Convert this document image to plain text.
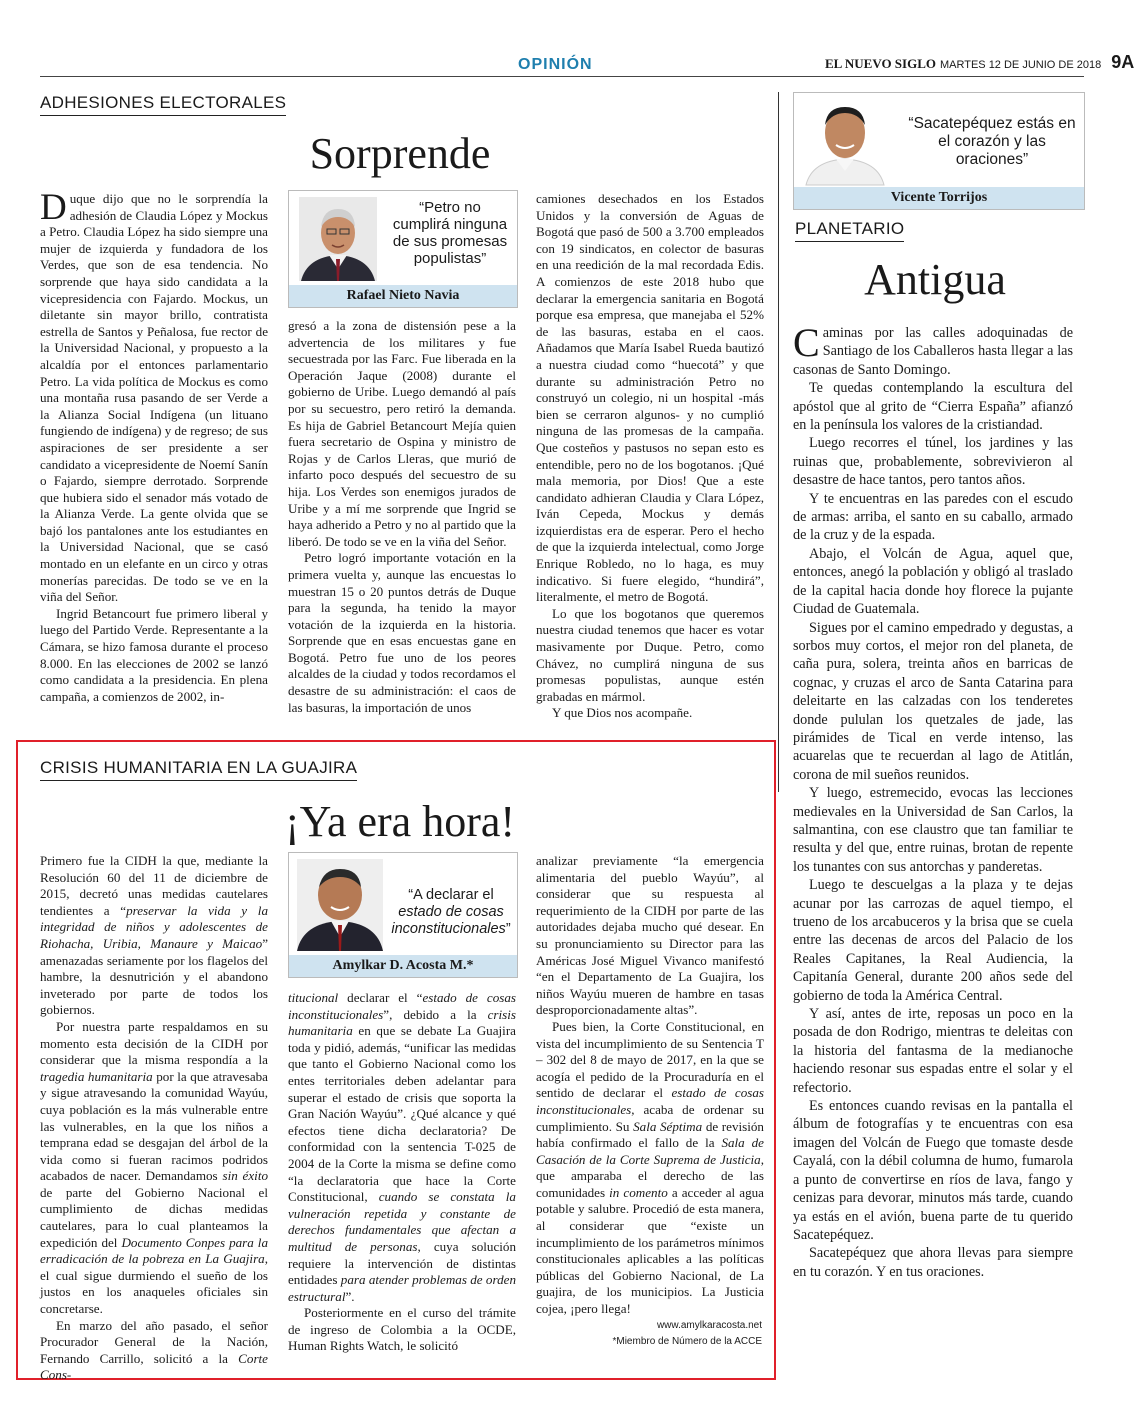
OPINIÓN	EL NUEVO SIGLO MARTES 12 DE JUNIO DE 2018 9A
ADHESIONES ELECTORALES
Sorprende

Duque dijo que no le sorprendía la adhesión de Claudia López y Mockus a Petro. Claudia López ha sido siempre una mujer de izquierda y fundadora de los Verdes, que son de esa tendencia. No sorprende que haya sido candidata a la vicepresidencia con Fajardo. Mockus, un diletante sin mayor brillo, contratista estrella de Santos y Peñalosa, fue rector de la Universidad Nacional, y propuesto a la alcaldía por el entonces parlamentario Petro. La vida política de Mockus es como una montaña rusa pasando de ser Verde a la Alianza Social Indígena (un lituano fungiendo de indígena) y de regreso; de sus aspiraciones de ser presidente a ser candidato a vicepresidente de Noemí Sanín o Fajardo, siempre derrotado. Sorprende que hubiera sido el senador más votado de la Alianza Verde. La gente olvida que se bajó los pantalones ante los estudiantes en la Universidad Nacional, que se casó montado en un elefante en un circo y otras monerías parecidas. De todo se ve en la viña del Señor.

Ingrid Betancourt fue primero liberal y luego del Partido Verde. Representante a la Cámara, se hizo famosa durante el proceso 8.000. En las elecciones de 2002 se lanzó como candidata a la presidencia. En plena campaña, a comienzos de 2002, in-

“Petro no cumplirá ninguna de sus promesas populistas”
Rafael Nieto Navia

gresó a la zona de distensión pese a la advertencia de los militares y fue secuestrada por las Farc. Fue liberada en la Operación Jaque (2008) durante el gobierno de Uribe. Luego demandó al país por su secuestro, pero retiró la demanda. Es hija de Gabriel Betancourt Mejía quien fuera secretario de Ospina y ministro de Rojas y de Carlos Lleras, que murió de infarto poco después del secuestro de su hija. Los Verdes son enemigos jurados de Uribe y a mí me sorprende que Ingrid se haya adherido a Petro y no al partido que la liberó. De todo se ve en la viña del Señor.

Petro logró importante votación en la primera vuelta y, aunque las encuestas lo muestran 15 o 20 puntos detrás de Duque para la segunda, ha tenido la mayor votación de la izquierda en la historia. Sorprende que en esas encuestas gane en Bogotá. Petro fue uno de los peores alcaldes de la ciudad y todos recordamos el desastre de su administración: el caos de las basuras, la importación de unos

camiones desechados en los Estados Unidos y la conversión de Aguas de Bogotá que pasó de 500 a 3.700 empleados con 19 sindicatos, en colector de basuras en una reedición de la mal recordada Edis. A comienzos de este 2018 hubo que declarar la emergencia sanitaria en Bogotá porque esa empresa, que manejaba el 52% de las basuras, estaba en el caos. Añadamos que María Isabel Rueda bautizó a nuestra ciudad como “huecotá” y que durante su administración Petro no construyó un colegio, ni un hospital -más bien se cerraron algunos- y no cumplió ninguna de las promesas de la campaña. Que costeños y pastusos no sepan esto es entendible, pero no de los bogotanos. ¡Qué mala memoria, por Dios! Que a este candidato adhieran Claudia y Clara López, Iván Cepeda, Mockus y demás izquierdistas era de esperar. Pero el hecho de que la izquierda intelectual, como Jorge Enrique Robledo, no lo haga, es muy indicativo. Si fuere elegido, “hundirá”, literalmente, el metro de Bogotá.

Lo que los bogotanos que queremos nuestra ciudad tenemos que hacer es votar masivamente por Duque. Petro, como Chávez, no cumplirá ninguna de sus promesas populistas, aunque estén grabadas en mármol.

Y que Dios nos acompañe.

CRISIS HUMANITARIA EN LA GUAJIRA
¡Ya era hora!

Primero fue la CIDH la que, mediante la Resolución 60 del 11 de diciembre de 2015, decretó unas medidas cautelares tendientes a “preservar la vida y la integridad de niños y adolescentes de Riohacha, Uribia, Manaure y Maicao” amenazadas seriamente por los flagelos del hambre, la desnutrición y el abandono inveterado por parte de todos los gobiernos.

Por nuestra parte respaldamos en su momento esta decisión de la CIDH por considerar que la misma respondía a la tragedia humanitaria por la que atravesaba y sigue atravesando la comunidad Wayúu, cuya población es la más vulnerable entre las vulnerables, en la que los niños a temprana edad se desgajan del árbol de la vida como si fueran racimos podridos acabados de nacer. Demandamos sin éxito de parte del Gobierno Nacional el cumplimiento de dichas medidas cautelares, para lo cual planteamos la expedición del Documento Conpes para la erradicación de la pobreza en La Guajira, el cual sigue durmiendo el sueño de los justos en los anaqueles oficiales sin concretarse.

En marzo del año pasado, el señor Procurador General de la Nación, Fernando Carrillo, solicitó a la Corte Cons-

“A declarar el
estado de cosas inconstitucionales”
Amylkar D. Acosta M.*

titucional declarar el “estado de cosas inconstitucionales”, debido a la crisis humanitaria en que se debate La Guajira toda y pidió, además, “unificar las medidas que tanto el Gobierno Nacional como los entes territoriales deben adelantar para superar el estado de crisis que soporta la Gran Nación Wayúu”. ¿Qué alcance y qué efectos tiene dicha declaratoria? De conformidad con la sentencia T-025 de 2004 de la Corte la misma se define como “la declaratoria que hace la Corte Constitucional, cuando se constata la vulneración repetida y constante de derechos fundamentales que afectan a multitud de personas, cuya solución requiere la intervención de distintas entidades para atender problemas de orden estructural”.

Posteriormente en el curso del trámite de ingreso de Colombia a la OCDE, Human Rights Watch, le solicitó

analizar previamente “la emergencia alimentaria del pueblo Wayúu”, al considerar que su respuesta al requerimiento de la CIDH por parte de las autoridades dejaba mucho qué desear. En su pronunciamiento su Director para las Américas José Miguel Vivanco manifestó “en el Departamento de La Guajira, los niños Wayúu mueren de hambre en tasas desproporcionadamente altas”.

Pues bien, la Corte Constitucional, en vista del incumplimiento de su Sentencia T – 302 del 8 de mayo de 2017, en la que se acogía el pedido de la Procuraduría en el sentido de declarar el estado de cosas inconstitucionales, acaba de ordenar su cumplimiento. Su Sala Séptima de revisión había confirmado el fallo de la Sala de Casación de la Corte Suprema de Justicia, que amparaba el derecho de las comunidades in comento a acceder al agua potable y salubre. Procedió de esta manera, al considerar que “existe un incumplimiento de los parámetros mínimos constitucionales aplicables a las políticas públicas del Gobierno Nacional, de La guajira, de los municipios. La Justicia cojea, ¡pero llega!

www.amylkaracosta.net
*Miembro de Número de la ACCE
“Sacatepéquez estás en el corazón y las oraciones”
Vicente Torrijos
PLANETARIO
Antigua

Caminas por las calles adoquinadas de Santiago de los Caballeros hasta llegar a las casonas de Santo Domingo.

Te quedas contemplando la escultura del apóstol que al grito de “Cierra España” afianzó en la península los valores de la cristiandad.

Luego recorres el túnel, los jardines y las ruinas que, probablemente, sobrevivieron al desastre de hace tantos, pero tantos años.

Y te encuentras en las paredes con el escudo de armas: arriba, el santo en su caballo, armado de la cruz y de la espada.

Abajo, el Volcán de Agua, aquel que, entonces, anegó la población y obligó al traslado de la capital hacia donde hoy florece la pujante Ciudad de Guatemala.

Sigues por el camino empedrado y degustas, a sorbos muy cortos, el mejor ron del planeta, de caña pura, solera, treinta años en barricas de cognac, y cruzas el arco de Santa Catarina para deleitarte en las calzadas con los tenderetes donde pululan los quetzales de jade, las pirámides de Tical en verde intenso, las acuarelas que te recuerdan al lago de Atitlán, corona de mil sueños reunidos.

Y luego, estremecido, evocas las lecciones medievales en la Universidad de San Carlos, la salmantina, con ese claustro que tan familiar te resulta y del que, entre ruinas, brotan de repente los tunantes con sus antorchas y panderetas.

Luego te descuelgas a la plaza y te dejas acunar por las carrozas de aquel tiempo, el trueno de los arcabuceros y la brisa que se cuela entre las decenas de arcos del Palacio de los Reales Capitanes, la Real Audiencia, la Capitanía General, durante 200 años sede del gobierno de toda la América Central.

Y así, antes de irte, reposas un poco en la posada de don Rodrigo, mientras te deleitas con la historia del fantasma de la medianoche haciendo resonar sus espadas entre el solar y el refectorio.

Es entonces cuando revisas en la pantalla el álbum de fotografías y te encuentras con esa imagen del Volcán de Fuego que tomaste desde Cayalá, con la débil columna de humo, fumarola a punto de convertirse en ríos de lava, fango y cenizas para devorar, minutos más tarde, cuando ya estás en el avión, buena parte de tu querido Sacatepéquez.

Sacatepéquez que ahora llevas para siempre en tu corazón. Y en tus oraciones.
